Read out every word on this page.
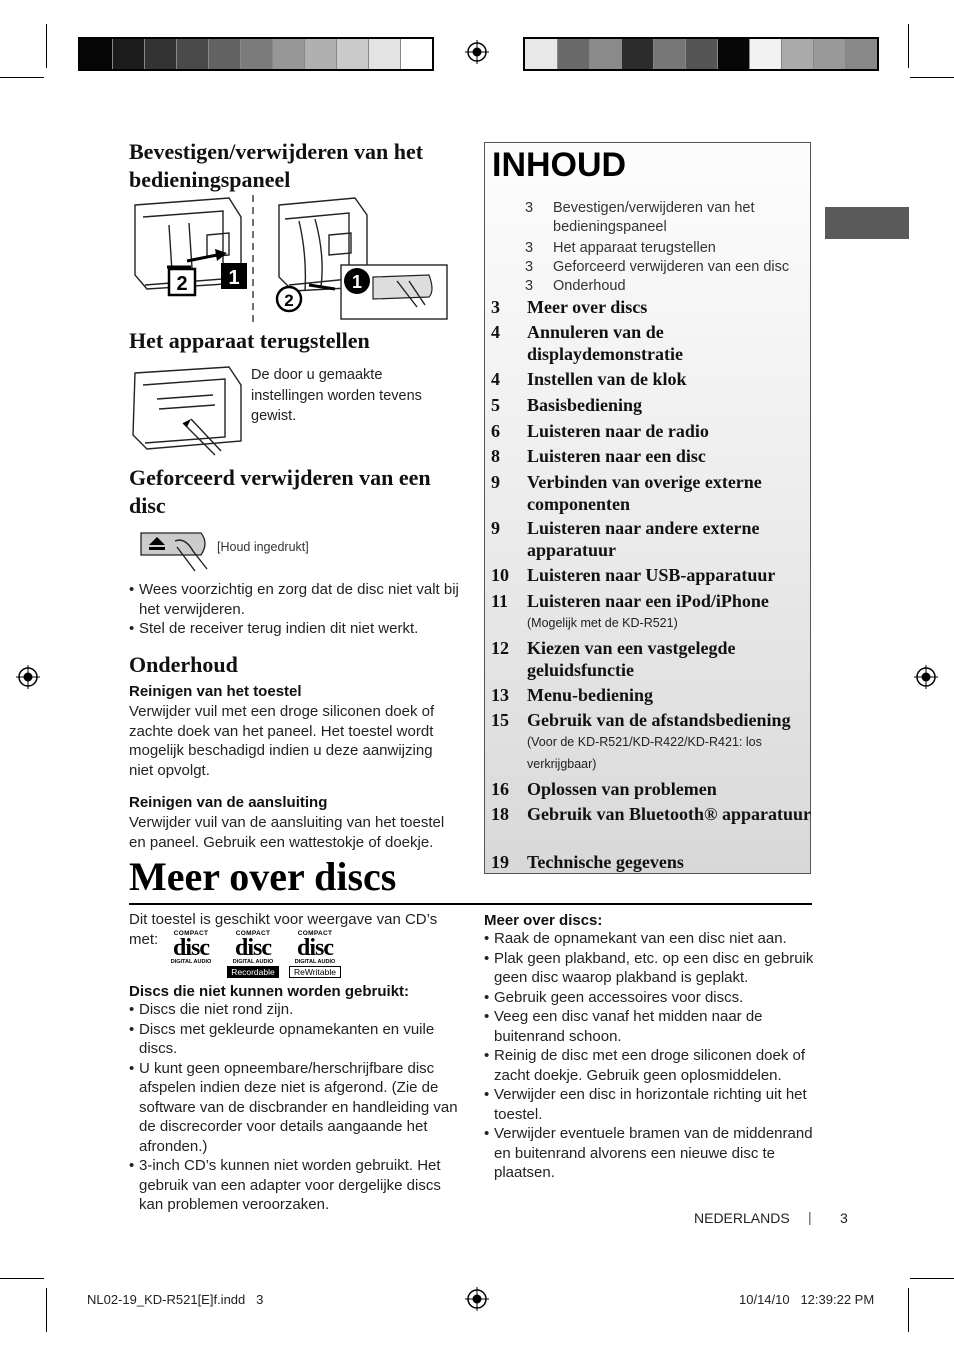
Bevestigen/verwijderen van het bedieningspaneel
2 1	1
2
Het apparaat terugstellen
De door u gemaakte instellingen worden tevens gewist.
Geforceerd verwijderen van een disc
[Houd ingedrukt]
• Wees voorzichtig en zorg dat de disc niet valt bij het verwijderen.
• Stel de receiver terug indien dit niet werkt.
Onderhoud
Reinigen van het toestel
Verwijder vuil met een droge siliconen doek of zachte doek van het paneel. Het toestel wordt mogelijk beschadigd indien u deze aanwijzing niet opvolgt.
Reinigen van de aansluiting
Verwijder vuil van de aansluiting van het toestel en paneel. Gebruik een wattestokje of doekje.
INHOUD
3 Bevestigen/verwijderen van het bedieningspaneel
3 Het apparaat terugstellen
3 Geforceerd verwijderen van een disc
3 Onderhoud
3 Meer over discs
4 Annuleren van de displaydemonstratie
4 Instellen van de klok
5 Basisbediening
6 Luisteren naar de radio
8 Luisteren naar een disc
9 Verbinden van overige externe componenten
9 Luisteren naar andere externe apparatuur
10 Luisteren naar USB-apparatuur
11 Luisteren naar een iPod/iPhone
(Mogelijk met de KD-R521)
12 Kiezen van een vastgelegde geluidsfunctie
13 Menu-bediening
15 Gebruik van de afstandsbediening
(Voor de KD-R521/KD-R422/KD-R421: los verkrijgbaar)
16 Oplossen van problemen
18 Gebruik van Bluetooth® apparatuur
19 Technische gegevens
Meer over discs
Dit toestel is geschikt voor weergave van CD’s met:	COMPACT
disc
DIGITAL AUDIO
COMPACT
disc
DIGITAL AUDIO
Recordable
COMPACT
disc
DIGITAL AUDIO
ReWritable
Discs die niet kunnen worden gebruikt:
• Discs die niet rond zijn.
• Discs met gekleurde opnamekanten en vuile discs.
• U kunt geen opneembare/herschrijfbare disc afspelen indien deze niet is afgerond. (Zie de software van de discbrander en handleiding van de discrecorder voor details aangaande het afronden.)
• 3-inch CD’s kunnen niet worden gebruikt. Het gebruik van een adapter voor dergelijke discs kan problemen veroorzaken.
Meer over discs:
• Raak de opnamekant van een disc niet aan.
• Plak geen plakband, etc. op een disc en gebruik geen disc waarop plakband is geplakt.
• Gebruik geen accessoires voor discs.
• Veeg een disc vanaf het midden naar de buitenrand schoon.
• Reinig de disc met een droge siliconen doek of zacht doekje. Gebruik geen oplosmiddelen.
• Verwijder een disc in horizontale richting uit het toestel.
• Verwijder eventuele bramen van de middenrand en buitenrand alvorens een nieuwe disc te plaatsen.
NEDERLANDS | 3
NL02-19_KD-R521[E]f.indd   3	10/14/10   12:39:22 PM
